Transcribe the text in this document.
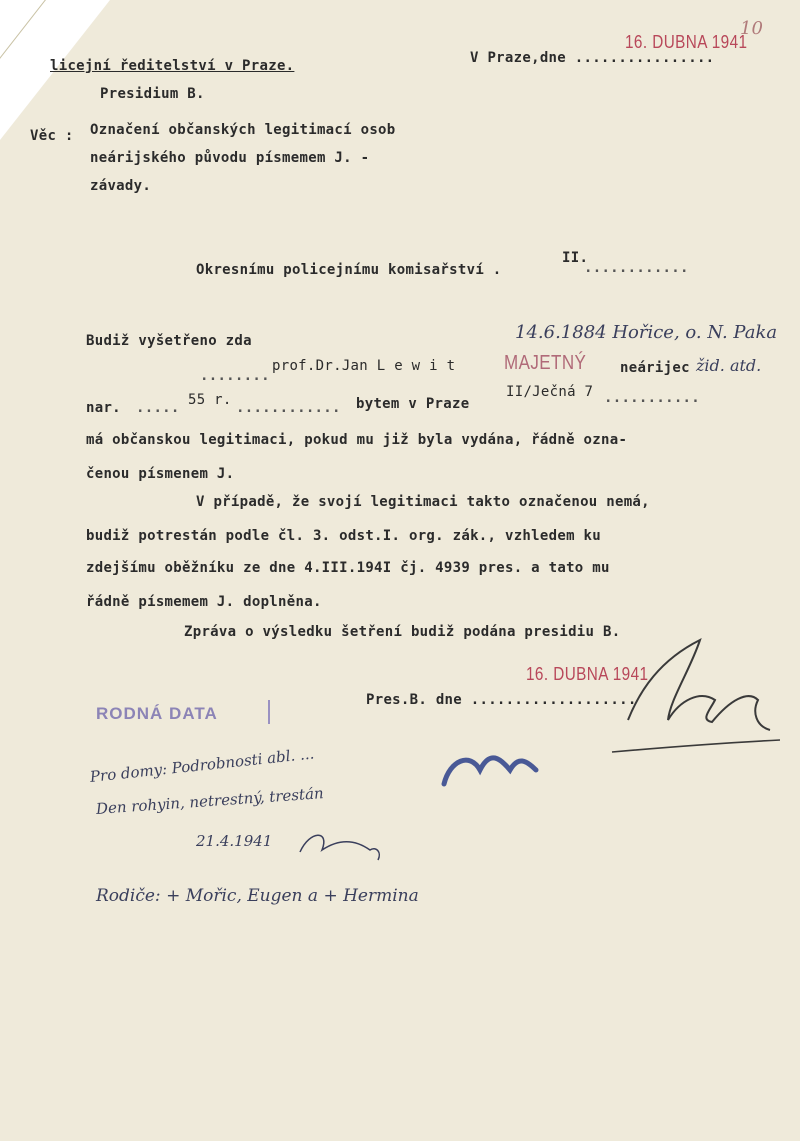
licejní ředitelství v Praze.
Presidium B.
V Praze,dne ................
16. DUBNA 1941
10
Věc : Označení občanských legitimací osob
neárijského původu písmemem J. -
závady.
Okresnímu policejnímu komisařství .
II.
............
Budiž vyšetřeno zda	14.6.1884 Hořice, o. N. Paka
........
prof.Dr.Jan L e w i t MAJETNÝ neárijec žid. atd.
nar. ..... 55 r. ............ bytem v Praze
II/Ječná 7 ...........
má občanskou legitimaci, pokud mu již byla vydána, řádně ozna-
čenou písmenem J.
V případě, že svojí legitimaci takto označenou nemá,
budiž potrestán podle čl. 3. odst.I. org. zák., vzhledem ku
zdejšímu oběžníku ze dne 4.III.194I čj. 4939 pres. a tato mu
řádně písmemem J. doplněna.
Zpráva o výsledku šetření budiž podána presidiu B.
16. DUBNA 1941
Pres.B. dne ...................
RODNÁ DATA
Pro domy: Podrobnosti abl. ...
Den rohyin, netrestný, trestán
21.4.1941
Rodiče: + Mořic, Eugen a + Hermina
